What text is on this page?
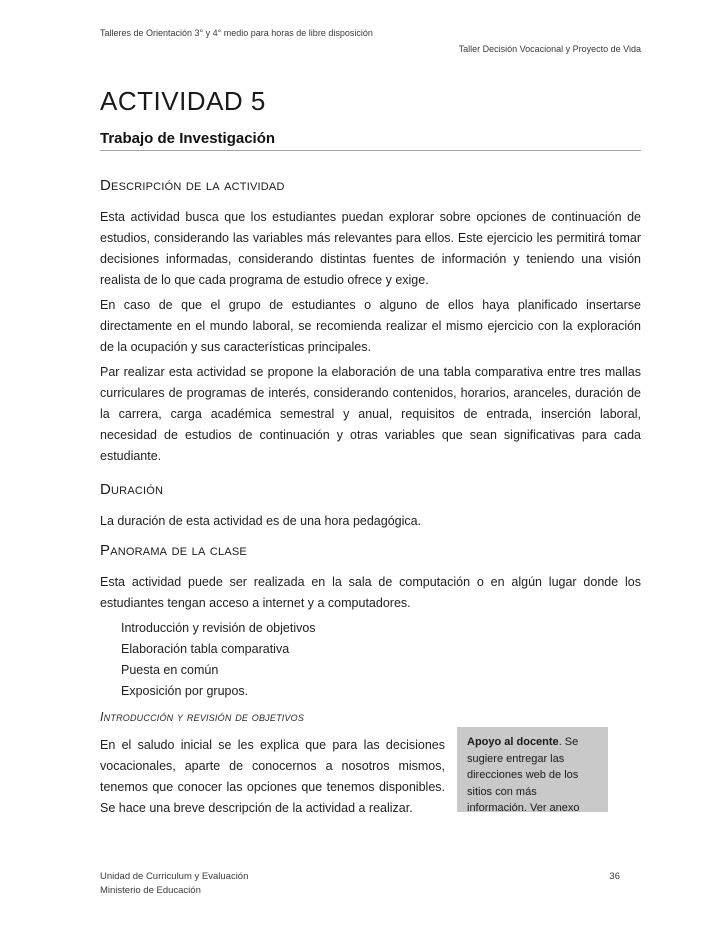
Talleres de Orientación 3° y 4° medio para horas de libre disposición
Taller Decisión Vocacional y Proyecto de Vida
ACTIVIDAD 5
Trabajo de Investigación
Descripción de la actividad

Esta actividad busca que los estudiantes puedan explorar sobre opciones de continuación de estudios, considerando las variables más relevantes para ellos. Este ejercicio les permitirá tomar decisiones informadas, considerando distintas fuentes de información y teniendo una visión realista de lo que cada programa de estudio ofrece y exige.

En caso de que el grupo de estudiantes o alguno de ellos haya planificado insertarse directamente en el mundo laboral, se recomienda realizar el mismo ejercicio con la exploración de la ocupación y sus características principales.

Par realizar esta actividad se propone la elaboración de una tabla comparativa entre tres mallas curriculares de programas de interés, considerando contenidos, horarios, aranceles, duración de la carrera, carga académica semestral y anual, requisitos de entrada, inserción laboral, necesidad de estudios de continuación y otras variables que sean significativas para cada estudiante.

Duración

La duración de esta actividad es de una hora pedagógica.

Panorama de la clase

Esta actividad puede ser realizada en la sala de computación o en algún lugar donde los estudiantes tengan acceso a internet y a computadores.

Introducción y revisión de objetivos
Elaboración tabla comparativa
Puesta en común
Exposición por grupos.
Introducción y revisión de objetivos

En el saludo inicial se les explica que para las decisiones vocacionales, aparte de conocernos a nosotros mismos, tenemos que conocer las opciones que tenemos disponibles. Se hace una breve descripción de la actividad a realizar.

Apoyo al docente. Se sugiere entregar las direcciones web de los sitios con más información. Ver anexo
Unidad de Curriculum y Evaluación
Ministerio de Educación
36
